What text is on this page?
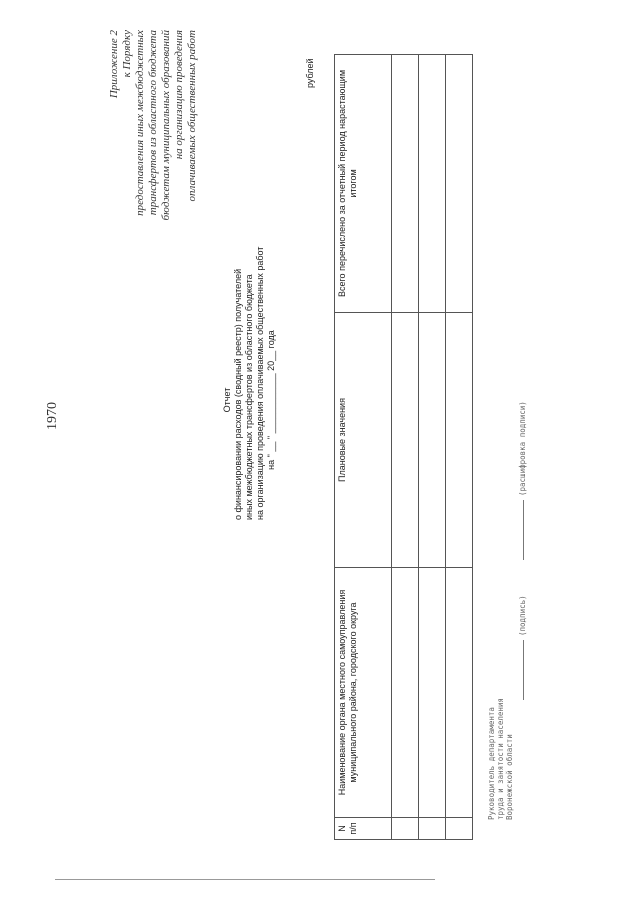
1970
Приложение 2 к Порядку предоставления иных межбюджетных трансфертов из областного бюджета бюджетам муниципальных образований на организацию проведения оплачиваемых общественных работ	рублей
Отчет о финансировании расходов (сводный реестр) получателей иных межбюджетных трансфертов из областного бюджета на организацию проведения оплачиваемых общественных работ на " __ " ____________ 20__ года
N п/п	Наименование органа местного самоуправления муниципального района, городского округа	Плановые значения	Всего перечислено за отчетный период нарастающим итогом

Руководитель департамента труда и занятости населения Воронежской области
(подпись)
(расшифровка подписи)
